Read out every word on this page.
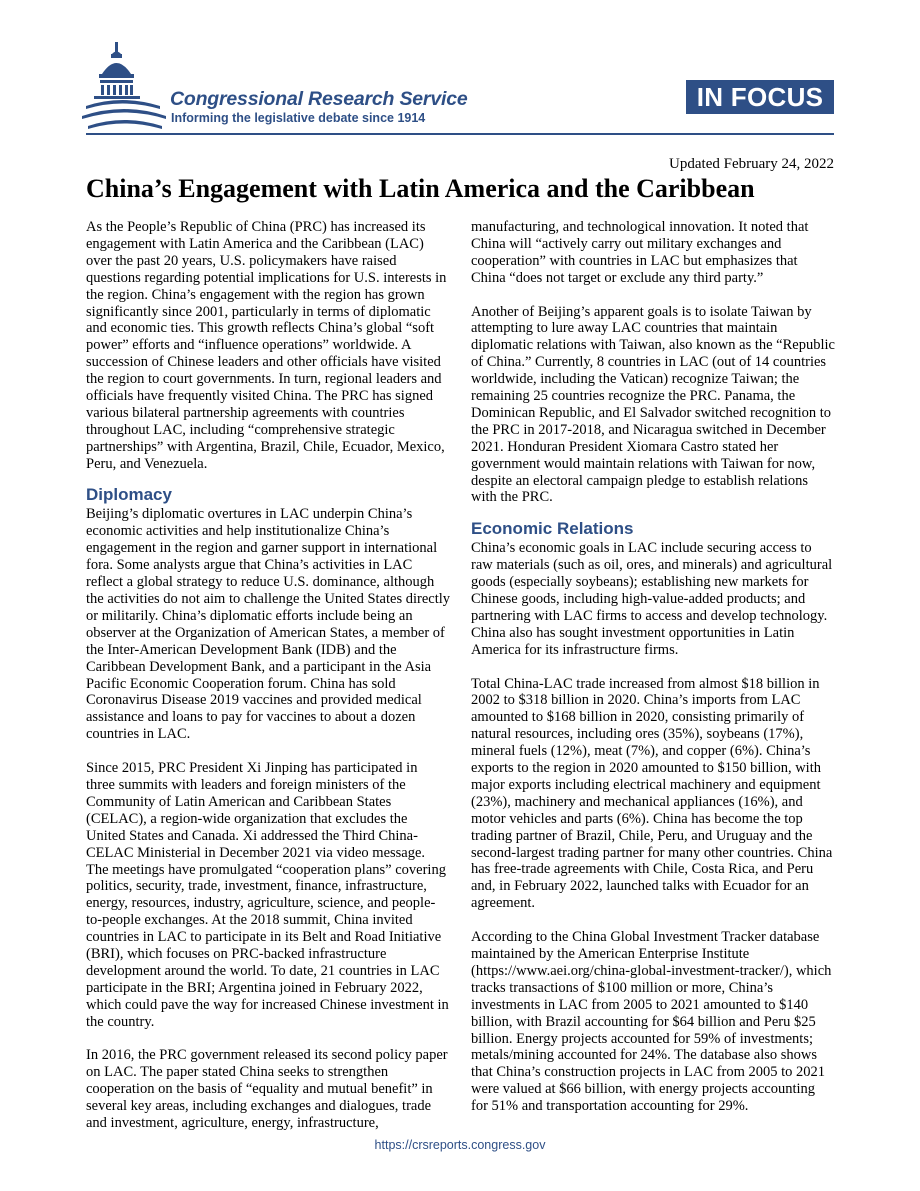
Congressional Research Service
Informing the legislative debate since 1914
IN FOCUS
Updated February 24, 2022
China’s Engagement with Latin America and the Caribbean

As the People’s Republic of China (PRC) has increased its engagement with Latin America and the Caribbean (LAC) over the past 20 years, U.S. policymakers have raised questions regarding potential implications for U.S. interests in the region. China’s engagement with the region has grown significantly since 2001, particularly in terms of diplomatic and economic ties. This growth reflects China’s global “soft power” efforts and “influence operations” worldwide. A succession of Chinese leaders and other officials have visited the region to court governments. In turn, regional leaders and officials have frequently visited China. The PRC has signed various bilateral partnership agreements with countries throughout LAC, including “comprehensive strategic partnerships” with Argentina, Brazil, Chile, Ecuador, Mexico, Peru, and Venezuela.

Diplomacy

Beijing’s diplomatic overtures in LAC underpin China’s economic activities and help institutionalize China’s engagement in the region and garner support in international fora. Some analysts argue that China’s activities in LAC reflect a global strategy to reduce U.S. dominance, although the activities do not aim to challenge the United States directly or militarily. China’s diplomatic efforts include being an observer at the Organization of American States, a member of the Inter-American Development Bank (IDB) and the Caribbean Development Bank, and a participant in the Asia Pacific Economic Cooperation forum. China has sold Coronavirus Disease 2019 vaccines and provided medical assistance and loans to pay for vaccines to about a dozen countries in LAC.

Since 2015, PRC President Xi Jinping has participated in three summits with leaders and foreign ministers of the Community of Latin American and Caribbean States (CELAC), a region-wide organization that excludes the United States and Canada. Xi addressed the Third China-CELAC Ministerial in December 2021 via video message. The meetings have promulgated “cooperation plans” covering politics, security, trade, investment, finance, infrastructure, energy, resources, industry, agriculture, science, and people-to-people exchanges. At the 2018 summit, China invited countries in LAC to participate in its Belt and Road Initiative (BRI), which focuses on PRC-backed infrastructure development around the world. To date, 21 countries in LAC participate in the BRI; Argentina joined in February 2022, which could pave the way for increased Chinese investment in the country.

In 2016, the PRC government released its second policy paper on LAC. The paper stated China seeks to strengthen cooperation on the basis of “equality and mutual benefit” in several key areas, including exchanges and dialogues, trade and investment, agriculture, energy, infrastructure,

manufacturing, and technological innovation. It noted that China will “actively carry out military exchanges and cooperation” with countries in LAC but emphasizes that China “does not target or exclude any third party.”

Another of Beijing’s apparent goals is to isolate Taiwan by attempting to lure away LAC countries that maintain diplomatic relations with Taiwan, also known as the “Republic of China.” Currently, 8 countries in LAC (out of 14 countries worldwide, including the Vatican) recognize Taiwan; the remaining 25 countries recognize the PRC. Panama, the Dominican Republic, and El Salvador switched recognition to the PRC in 2017-2018, and Nicaragua switched in December 2021. Honduran President Xiomara Castro stated her government would maintain relations with Taiwan for now, despite an electoral campaign pledge to establish relations with the PRC.

Economic Relations

China’s economic goals in LAC include securing access to raw materials (such as oil, ores, and minerals) and agricultural goods (especially soybeans); establishing new markets for Chinese goods, including high-value-added products; and partnering with LAC firms to access and develop technology. China also has sought investment opportunities in Latin America for its infrastructure firms.

Total China-LAC trade increased from almost $18 billion in 2002 to $318 billion in 2020. China’s imports from LAC amounted to $168 billion in 2020, consisting primarily of natural resources, including ores (35%), soybeans (17%), mineral fuels (12%), meat (7%), and copper (6%). China’s exports to the region in 2020 amounted to $150 billion, with major exports including electrical machinery and equipment (23%), machinery and mechanical appliances (16%), and motor vehicles and parts (6%). China has become the top trading partner of Brazil, Chile, Peru, and Uruguay and the second-largest trading partner for many other countries. China has free-trade agreements with Chile, Costa Rica, and Peru and, in February 2022, launched talks with Ecuador for an agreement.

According to the China Global Investment Tracker database maintained by the American Enterprise Institute (https://www.aei.org/china-global-investment-tracker/), which tracks transactions of $100 million or more, China’s investments in LAC from 2005 to 2021 amounted to $140 billion, with Brazil accounting for $64 billion and Peru $25 billion. Energy projects accounted for 59% of investments; metals/mining accounted for 24%. The database also shows that China’s construction projects in LAC from 2005 to 2021 were valued at $66 billion, with energy projects accounting for 51% and transportation accounting for 29%.

https://crsreports.congress.gov
